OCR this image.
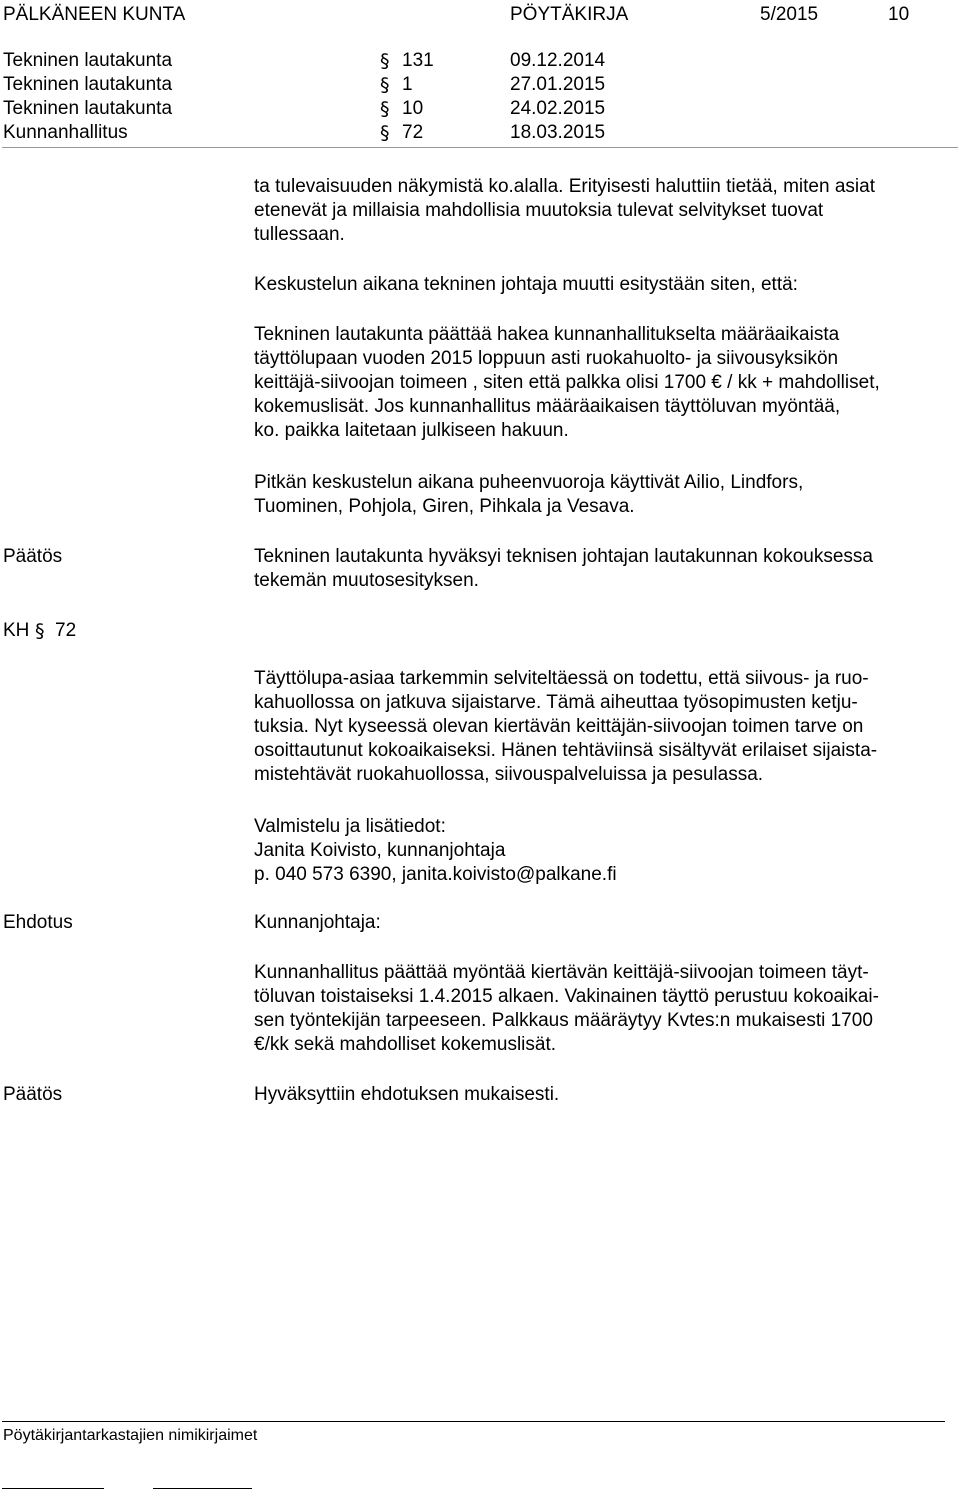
PÄLKÄNEEN KUNTA	PÖYTÄKIRJA	5/2015	10
Tekninen lautakunta	§ 131	09.12.2014
Tekninen lautakunta	§ 1	27.01.2015
Tekninen lautakunta	§ 10	24.02.2015
Kunnanhallitus	§ 72	18.03.2015
ta tulevaisuuden näkymistä ko.alalla. Erityisesti haluttiin tietää, miten asiat
etenevät ja millaisia mahdollisia muutoksia tulevat selvitykset tuovat
tullessaan.
Keskustelun aikana tekninen johtaja muutti esitystään siten, että:
Tekninen lautakunta päättää hakea kunnanhallitukselta määräaikaista
täyttölupaan vuoden 2015 loppuun asti ruokahuolto- ja siivousyksikön
keittäjä-siivoojan toimeen , siten että palkka olisi 1700 € / kk + mahdolliset,
kokemuslisät. Jos kunnanhallitus määräaikaisen täyttöluvan myöntää,
ko. paikka laitetaan julkiseen hakuun.
Pitkän keskustelun aikana puheenvuoroja käyttivät Ailio, Lindfors,
Tuominen, Pohjola, Giren, Pihkala ja Vesava.
Päätös	Tekninen lautakunta hyväksyi teknisen johtajan lautakunnan kokouksessa
tekemän muutosesityksen.
KH § 72
Täyttölupa-asiaa tarkemmin selviteltäessä on todettu, että siivous- ja ruo-
kahuollossa on jatkuva sijaistarve. Tämä aiheuttaa työsopimusten ketju-
tuksia. Nyt kyseessä olevan kiertävän keittäjän-siivoojan toimen tarve on
osoittautunut kokoaikaiseksi. Hänen tehtäviinsä sisältyvät erilaiset sijaista-
mistehtävät ruokahuollossa, siivouspalveluissa ja pesulassa.
Valmistelu ja lisätiedot:
Janita Koivisto, kunnanjohtaja
p. 040 573 6390, janita.koivisto@palkane.fi
Ehdotus	Kunnanjohtaja:
Kunnanhallitus päättää myöntää kiertävän keittäjä-siivoojan toimeen täyt-
töluvan toistaiseksi 1.4.2015 alkaen. Vakinainen täyttö perustuu kokoaikai-
sen työntekijän tarpeeseen. Palkkaus määräytyy Kvtes:n mukaisesti 1700
€/kk sekä mahdolliset kokemuslisät.
Päätös	Hyväksyttiin ehdotuksen mukaisesti.
Pöytäkirjantarkastajien nimikirjaimet
